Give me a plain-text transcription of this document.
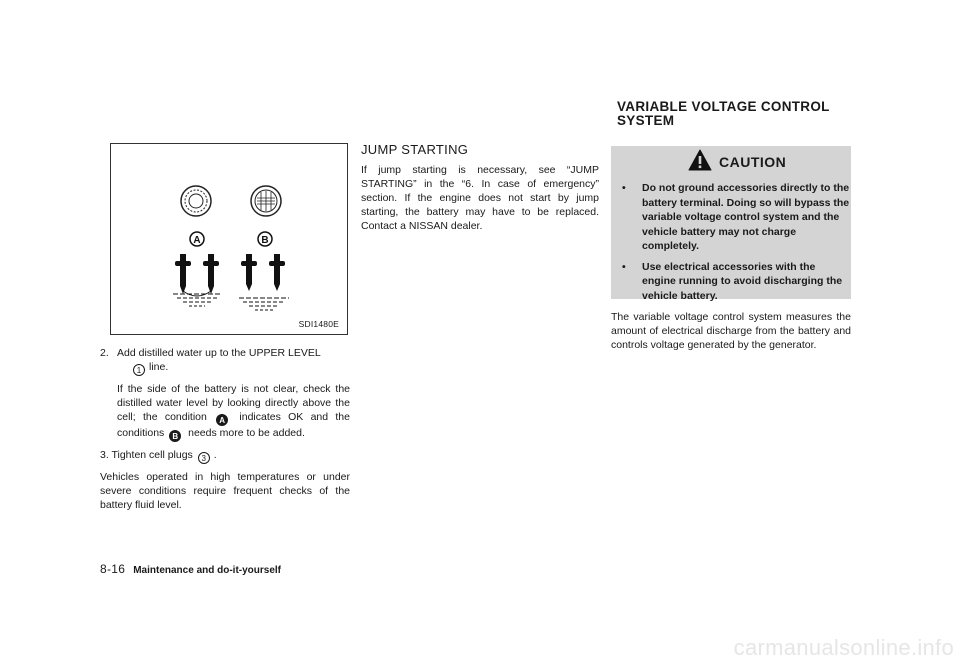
A	B
SDI1480E

2. Add distilled water up to the UPPER LEVEL
1 line.

If the side of the battery is not clear, check the distilled water level by looking directly above the cell; the condition A indicates OK and the conditions B needs more to be added.

3. Tighten cell plugs 3 .

Vehicles operated in high temperatures or under severe conditions require frequent checks of the battery fluid level.

JUMP STARTING

If jump starting is necessary, see “JUMP STARTING” in the “6. In case of emergency” section. If the engine does not start by jump starting, the battery may have to be replaced. Contact a NISSAN dealer.

VARIABLE VOLTAGE CONTROL
SYSTEM
CAUTION
• Do not ground accessories directly to the battery terminal. Doing so will bypass the variable voltage control system and the vehicle battery may not charge completely.
• Use electrical accessories with the engine running to avoid discharging the vehicle battery.

The variable voltage control system measures the amount of electrical discharge from the battery and controls voltage generated by the generator.

8-16 Maintenance and do-it-yourself
carmanualsonline.info
